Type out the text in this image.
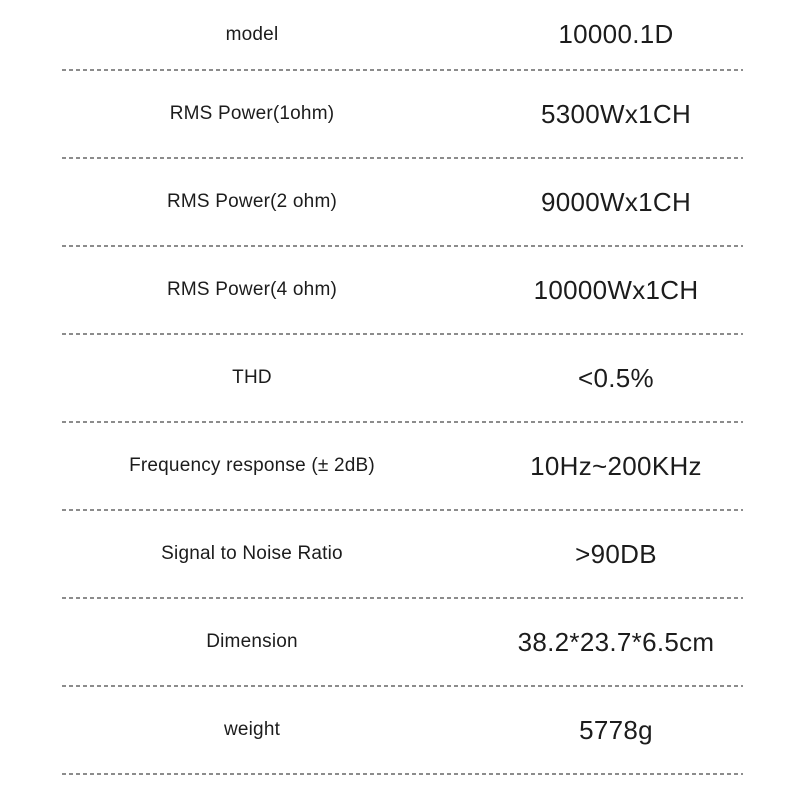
model	10000.1D
RMS Power(1ohm)	5300Wx1CH
RMS Power(2 ohm)	9000Wx1CH
RMS Power(4 ohm)	10000Wx1CH
THD	<0.5%
Frequency response (± 2dB)	10Hz~200KHz
Signal to Noise Ratio	>90DB
Dimension	38.2*23.7*6.5cm
weight	5778g
